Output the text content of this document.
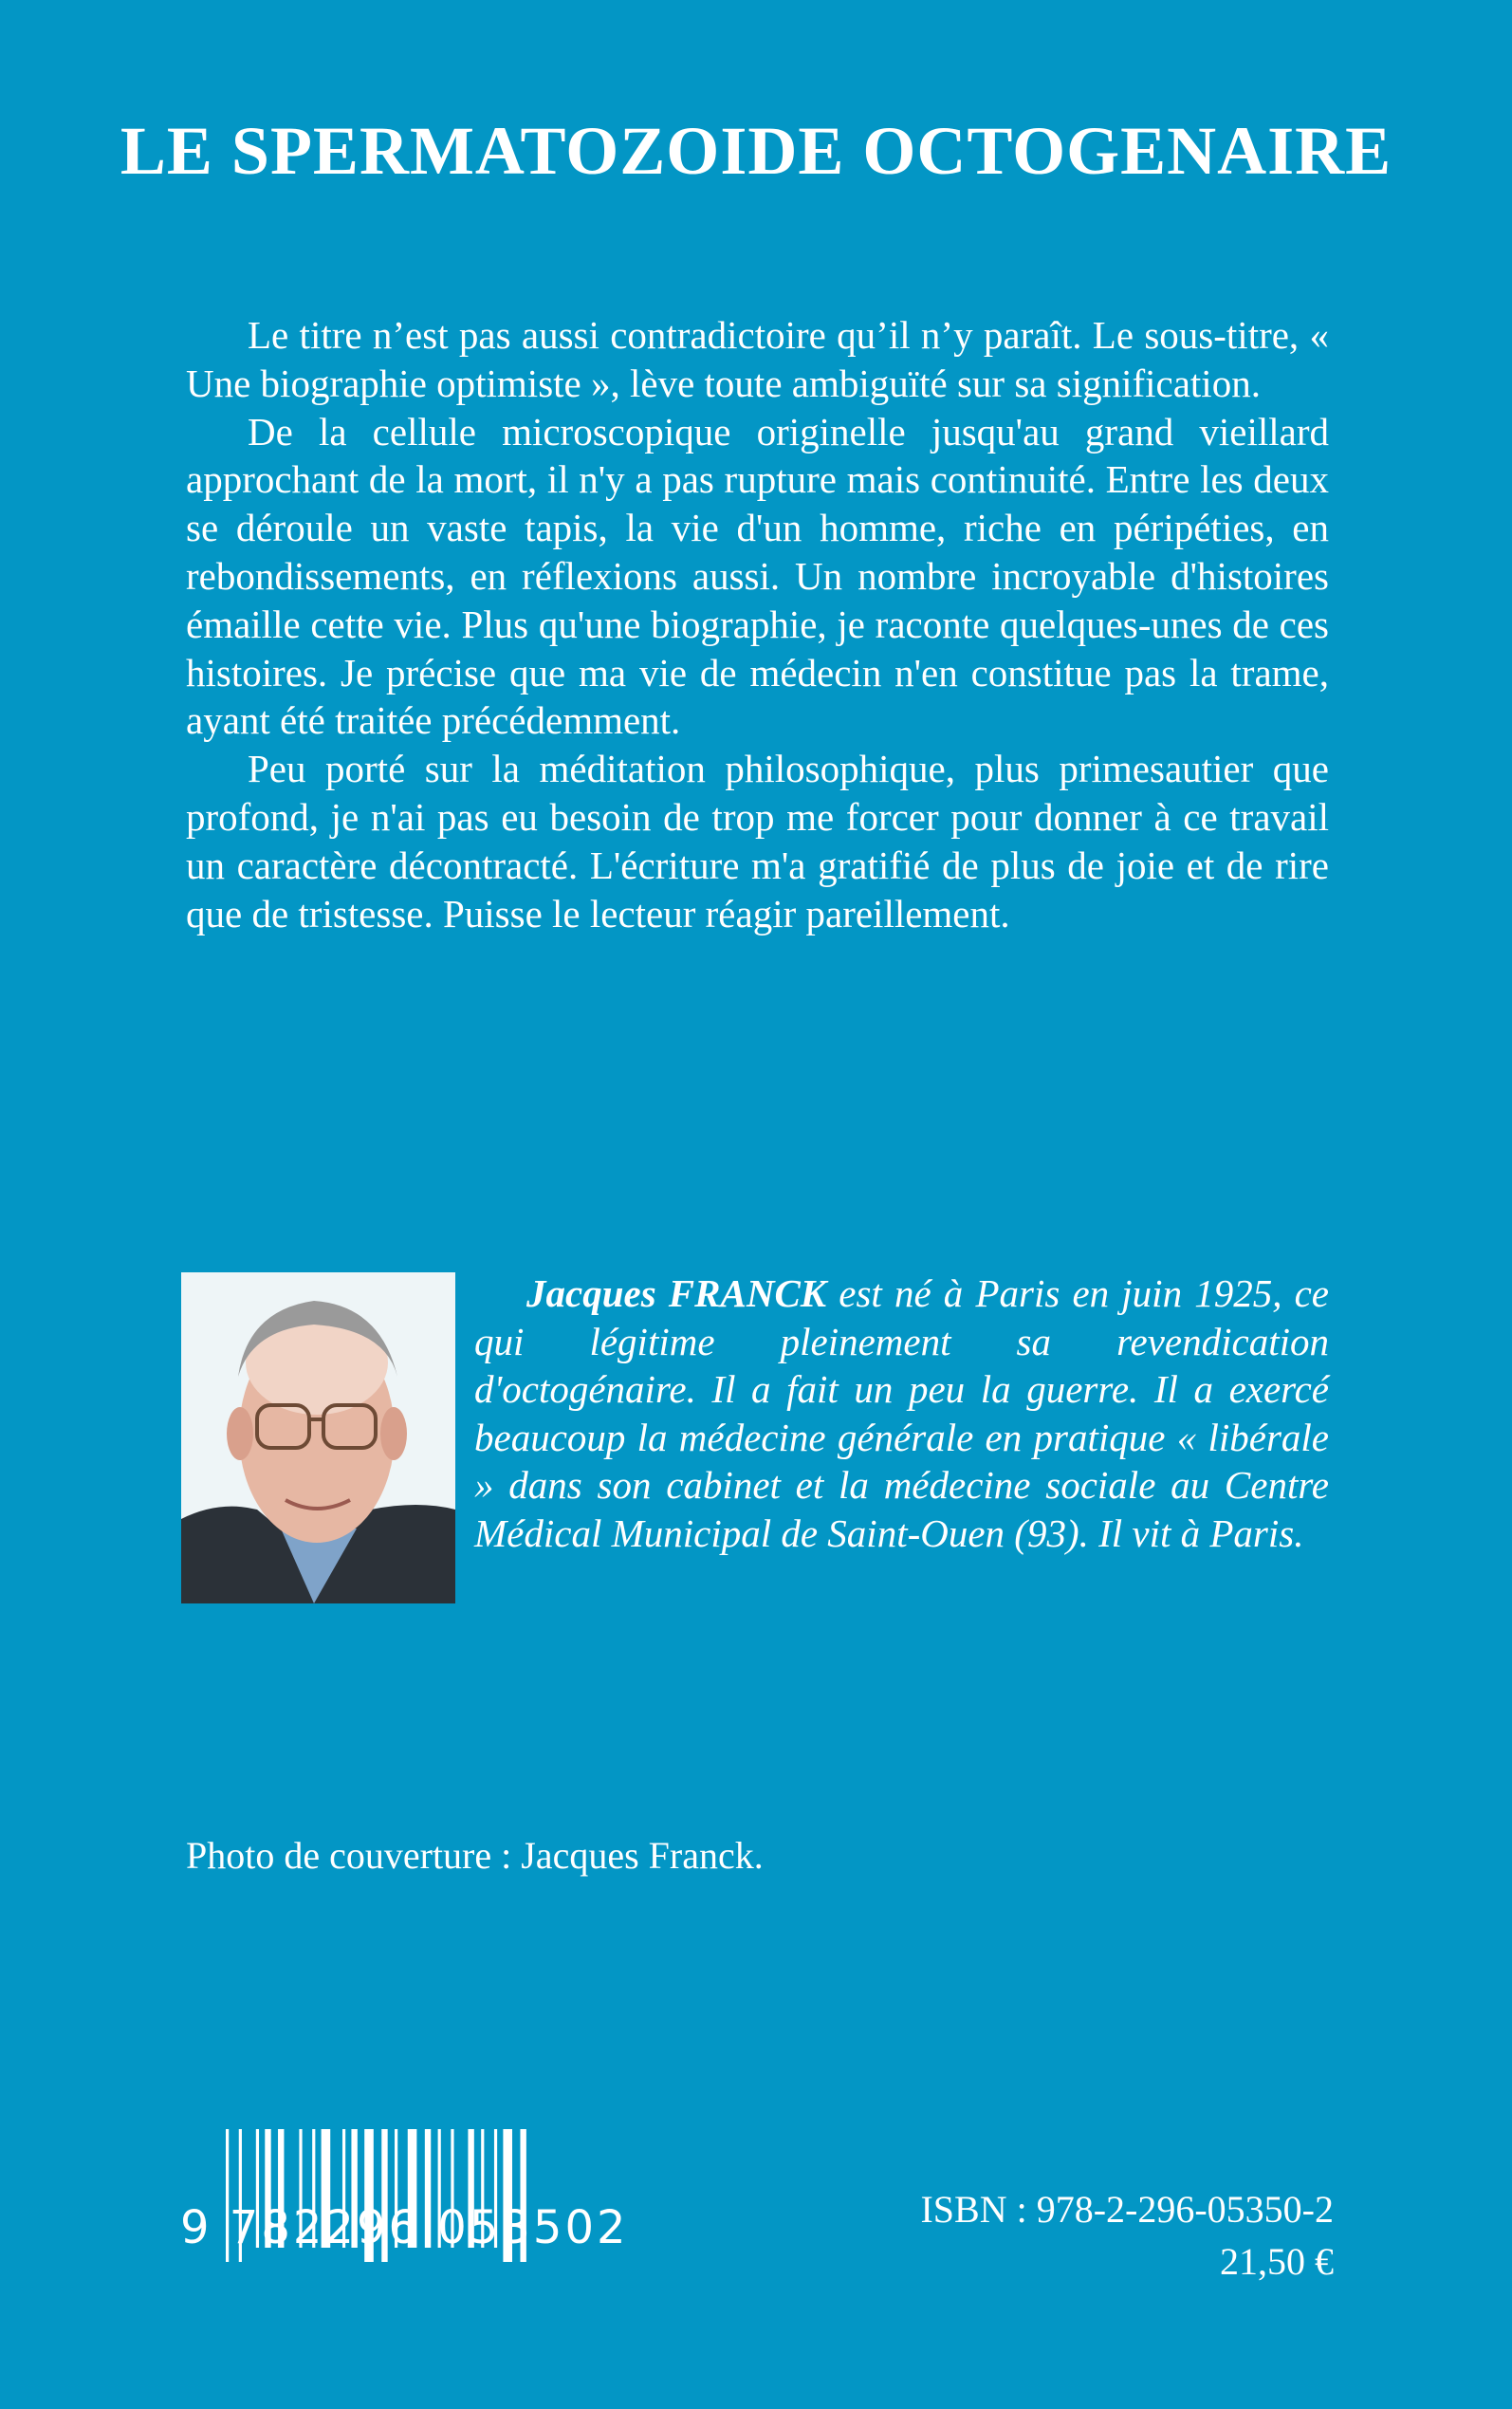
LE SPERMATOZOIDE OCTOGENAIRE

Le titre n’est pas aussi contradictoire qu’il n’y paraît. Le sous-titre, « Une biographie optimiste », lève toute ambiguïté sur sa signification.

De la cellule microscopique originelle jusqu'au grand vieillard approchant de la mort, il n'y a pas rupture mais continuité. Entre les deux se déroule un vaste tapis, la vie d'un homme, riche en péripéties, en rebondissements, en réflexions aussi. Un nombre incroyable d'histoires émaille cette vie. Plus qu'une biographie, je raconte quelques-unes de ces histoires. Je précise que ma vie de médecin n'en constitue pas la trame, ayant été traitée précédemment.

Peu porté sur la méditation philosophique, plus primesautier que profond, je n'ai pas eu besoin de trop me forcer pour donner à ce travail un caractère décontracté. L'écriture m'a gratifié de plus de joie et de rire que de tristesse. Puisse le lecteur réagir pareillement.

Jacques FRANCK est né à Paris en juin 1925, ce qui légitime pleinement sa revendication d'octogénaire. Il a fait un peu la guerre. Il a exercé beaucoup la médecine générale en pratique « libérale » dans son cabinet et la médecine sociale au Centre Médical Municipal de Saint-Ouen (93). Il vit à Paris.
Photo de couverture : Jacques Franck.
9 782296 053502	ISBN : 978-2-296-05350-2
21,50 €
